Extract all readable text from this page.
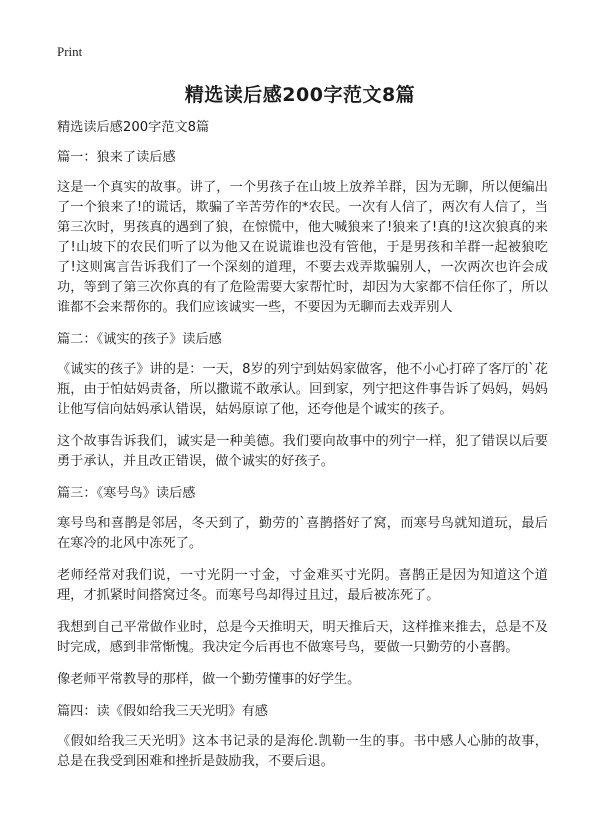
Print
精选读后感200字范文8篇
精选读后感200字范文8篇
篇一：狼来了读后感

这是一个真实的故事。讲了，一个男孩子在山坡上放养羊群，因为无聊，所以便编出了一个狼来了!的谎话，欺骗了辛苦劳作的*农民。一次有人信了，两次有人信了，当第三次时，男孩真的遇到了狼，在惊慌中，他大喊狼来了!狼来了!真的!这次狼真的来了!山坡下的农民们听了以为他又在说谎谁也没有管他，于是男孩和羊群一起被狼吃了!这则寓言告诉我们了一个深刻的道理，不要去戏弄欺骗别人，一次两次也许会成功，等到了第三次你真的有了危险需要大家帮忙时，却因为大家都不信任你了，所以谁都不会来帮你的。我们应该诚实一些，不要因为无聊而去戏弄别人

篇二：《诚实的孩子》读后感

《诚实的孩子》讲的是：一天，8岁的列宁到姑妈家做客，他不小心打碎了客厅的`花瓶，由于怕姑妈责备，所以撒谎不敢承认。回到家，列宁把这件事告诉了妈妈，妈妈让他写信向姑妈承认错误，姑妈原谅了他，还夸他是个诚实的孩子。

这个故事告诉我们，诚实是一种美德。我们要向故事中的列宁一样，犯了错误以后要勇于承认，并且改正错误，做个诚实的好孩子。

篇三：《寒号鸟》读后感

寒号鸟和喜鹊是邻居，冬天到了，勤劳的`喜鹊搭好了窝，而寒号鸟就知道玩，最后在寒冷的北风中冻死了。

老师经常对我们说，一寸光阴一寸金，寸金难买寸光阴。喜鹊正是因为知道这个道理，才抓紧时间搭窝过冬。而寒号鸟却得过且过，最后被冻死了。

我想到自己平常做作业时，总是今天推明天，明天推后天，这样推来推去，总是不及时完成，感到非常惭愧。我决定今后再也不做寒号鸟，要做一只勤劳的小喜鹊。

像老师平常教导的那样，做一个勤劳懂事的好学生。

篇四：读《假如给我三天光明》有感

《假如给我三天光明》这本书记录的是海伦.凯勒一生的事。书中感人心肺的故事，总是在我受到困难和挫折是鼓励我，不要后退。
